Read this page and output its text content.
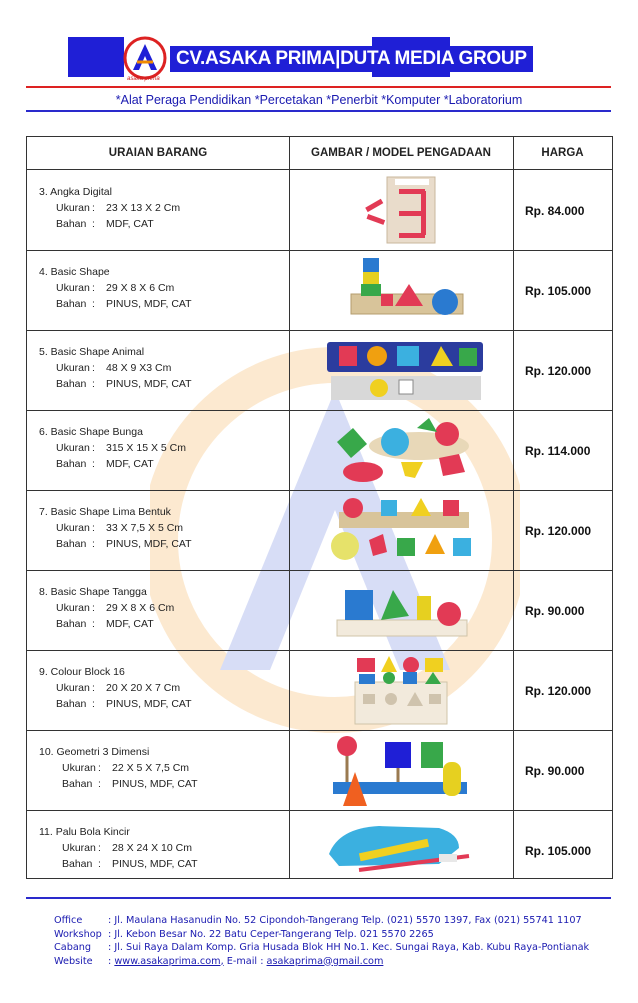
asaka prima
CV.ASAKA PRIMA|DUTA MEDIA GROUP
*Alat Peraga Pendidikan *Percetakan *Penerbit *Komputer *Laboratorium
URAIAN BARANG	GAMBAR / MODEL PENGADAAN	HARGA
3. Angka Digital
Ukuran : 23 X 13 X 2 Cm
Bahan : MDF, CAT
Rp. 84.000
4. Basic Shape
Ukuran : 29 X 8 X 6 Cm
Bahan : PINUS, MDF, CAT
Rp. 105.000
5. Basic Shape Animal
Ukuran : 48 X 9 X3 Cm
Bahan : PINUS, MDF, CAT
Rp. 120.000
6. Basic Shape Bunga
Ukuran : 315 X 15 X 5 Cm
Bahan : MDF, CAT
Rp. 114.000
7. Basic Shape Lima Bentuk
Ukuran : 33 X 7,5 X 5 Cm
Bahan : PINUS, MDF, CAT
Rp. 120.000
8. Basic Shape Tangga
Ukuran : 29 X 8 X 6 Cm
Bahan : MDF, CAT
Rp. 90.000
9. Colour Block 16
Ukuran : 20 X 20 X 7 Cm
Bahan : PINUS, MDF, CAT
Rp. 120.000
10. Geometri 3 Dimensi
Ukuran : 22 X 5 X 7,5 Cm
Bahan : PINUS, MDF, CAT
Rp. 90.000
11. Palu Bola Kincir
Ukuran : 28 X 24 X 10 Cm
Bahan : PINUS, MDF, CAT
Rp. 105.000
Office	: Jl. Maulana Hasanudin No. 52 Cipondoh-Tangerang Telp. (021) 5570 1397, Fax (021) 55741 1107
Workshop : Jl. Kebon Besar No. 22 Batu Ceper-Tangerang Telp. 021 5570 2265
Cabang : Jl. Sui Raya Dalam Komp. Gria Husada Blok HH No.1. Kec. Sungai Raya, Kab. Kubu Raya-Pontianak
Website : www.asakaprima.com, E-mail : asakaprima@gmail.com
